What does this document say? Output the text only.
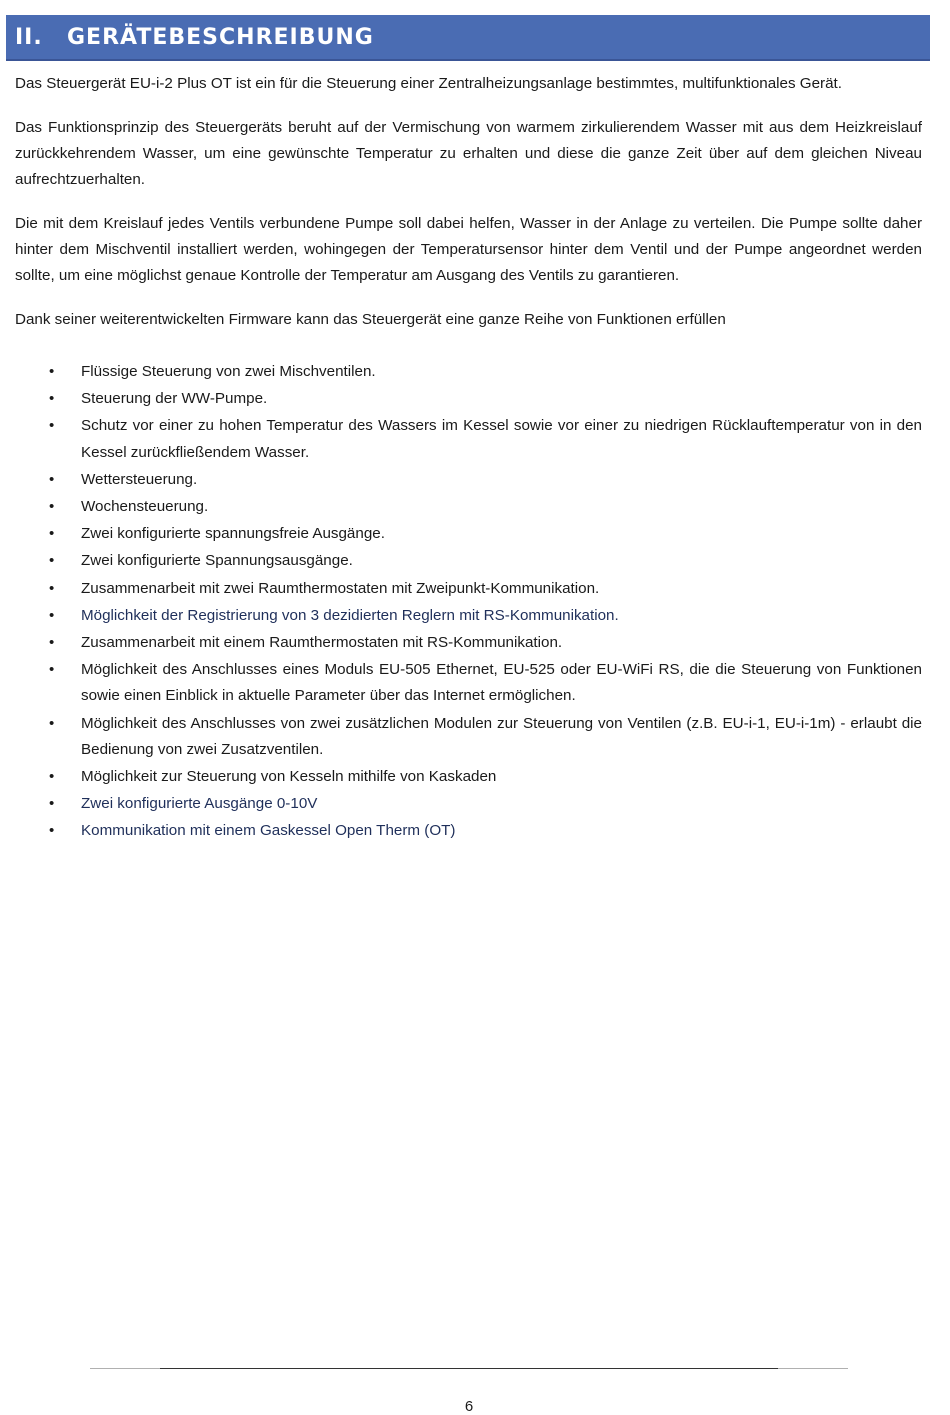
II. GERÄTEBESCHREIBUNG

Das Steuergerät EU-i-2 Plus OT ist ein für die Steuerung einer Zentralheizungsanlage bestimmtes, multifunktionales Gerät.

Das Funktionsprinzip des Steuergeräts beruht auf der Vermischung von warmem zirkulierendem Wasser mit aus dem Heizkreislauf zurückkehrendem Wasser, um eine gewünschte Temperatur zu erhalten und diese die ganze Zeit über auf dem gleichen Niveau aufrechtzuerhalten.

Die mit dem Kreislauf jedes Ventils verbundene Pumpe soll dabei helfen, Wasser in der Anlage zu verteilen. Die Pumpe sollte daher hinter dem Mischventil installiert werden, wohingegen der Temperatursensor hinter dem Ventil und der Pumpe angeordnet werden sollte, um eine möglichst genaue Kontrolle der Temperatur am Ausgang des Ventils zu garantieren.

Dank seiner weiterentwickelten Firmware kann das Steuergerät eine ganze Reihe von Funktionen erfüllen

• Flüssige Steuerung von zwei Mischventilen.
• Steuerung der WW-Pumpe.
• Schutz vor einer zu hohen Temperatur des Wassers im Kessel sowie vor einer zu niedrigen Rücklauftemperatur von in den Kessel zurückfließendem Wasser.
• Wettersteuerung.
• Wochensteuerung.
• Zwei konfigurierte spannungsfreie Ausgänge.
• Zwei konfigurierte Spannungsausgänge.
• Zusammenarbeit mit zwei Raumthermostaten mit Zweipunkt-Kommunikation.
• Möglichkeit der Registrierung von 3 dezidierten Reglern mit RS-Kommunikation.
• Zusammenarbeit mit einem Raumthermostaten mit RS-Kommunikation.
• Möglichkeit des Anschlusses eines Moduls EU-505 Ethernet, EU-525 oder EU-WiFi RS, die die Steuerung von Funktionen sowie einen Einblick in aktuelle Parameter über das Internet ermöglichen.
• Möglichkeit des Anschlusses von zwei zusätzlichen Modulen zur Steuerung von Ventilen (z.B. EU-i-1, EU-i-1m) - erlaubt die Bedienung von zwei Zusatzventilen.
• Möglichkeit zur Steuerung von Kesseln mithilfe von Kaskaden
• Zwei konfigurierte Ausgänge 0-10V
• Kommunikation mit einem Gaskessel Open Therm (OT)
6
